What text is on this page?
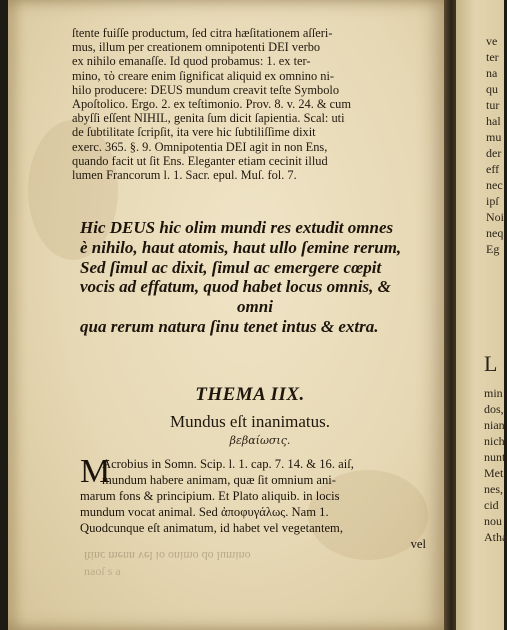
ſtente fuiſſe productum, ſed citra hæſitationem aſſeri-
mus, illum per creationem omnipotenti DEI verbo
ex nihilo emanaſſe. Id quod probamus: 1. ex ter-
mino, τὸ creare enim ſignificat aliquid ex omnino ni-
hilo producere: DEUS mundum creavit teſte Symbolo
Apoſtolico. Ergo. 2. ex teſtimonio. Prov. 8. v. 24. & cum
abyſſi eſſent NIHIL, genita ſum dicit ſapientia. Scal: uti
de ſubtilitate ſcripſit, ita vere hic ſubtiliſſime dixit
exerc. 365. §. 9. Omnipotentia DEI agit in non Ens,
quando facit ut ſit Ens. Eleganter etiam cecinit illud
lumen Francorum l. 1. Sacr. epul. Muſ. fol. 7.
Hic DEUS hic olim mundi res extudit omnes
è nihilo, haut atomis, haut ullo ſemine rerum,
Sed ſimul ac dixit, ſimul ac emergere cœpit
vocis ad effatum, quod habet locus omnis, &
omni
qua rerum natura ſinu tenet intus & extra.
THEMA IIX.
Mundus eſt inanimatus.
βεβαίωσις.
M
Acrobius in Somn. Scip. l. 1. cap. 7. 14. & 16. aiſ,
mundum habere animam, quæ ſit omnium ani-
marum fons & principium. Et Plato aliquib. in locis
mundum vocat animal. Sed ἀποφυγάλως. Nam 1.
Quodcunque eſt animatum, id habet vel vegetantem,
vel
ſtinc menn vel io onimo do lumino
naoſ s a
ve
ter
na
qu
tur
hal
mu
der
eff
nec
ipſ
Noi
neq
Eg
L
min
dos,
nian
nich
nunt
Met
nes,
cid
nou
Atha
